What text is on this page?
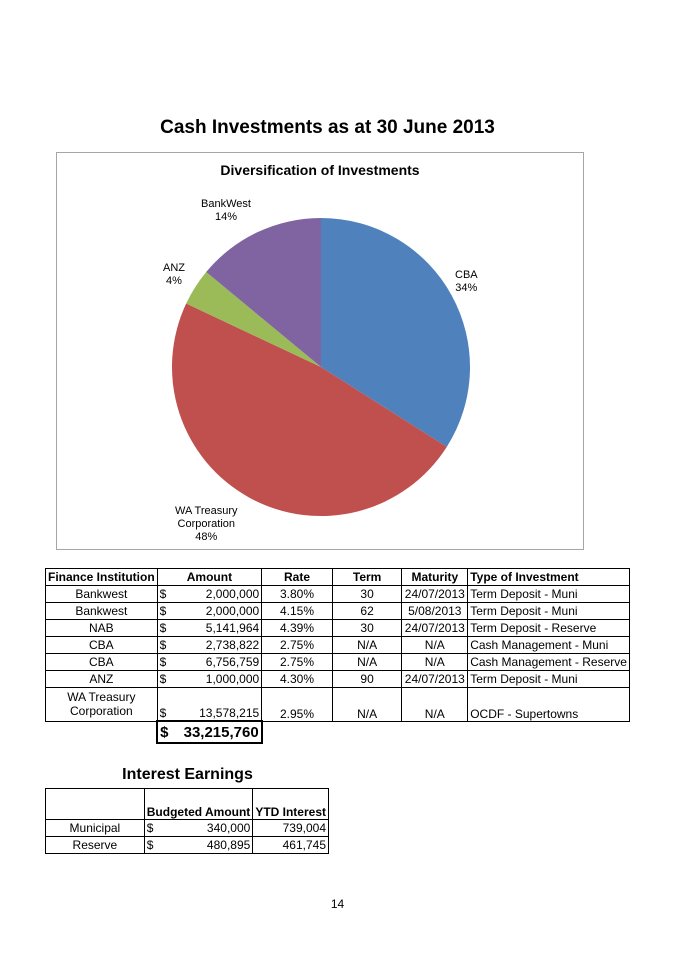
Cash Investments as at 30 June 2013
Diversification of Investments
CBA
34%
WA Treasury
Corporation
48%
ANZ
4%
BankWest
14%
Finance Institution	Amount		Rate	Term	Maturity	Type of Investment
Bankwest	$	2,000,000	3.80%	30	24/07/2013	Term Deposit - Muni
Bankwest	$	2,000,000	4.15%	62	5/08/2013	Term Deposit - Muni
NAB	$	5,141,964	4.39%	30	24/07/2013	Term Deposit - Reserve
CBA	$	2,738,822	2.75%	N/A	N/A	Cash Management - Muni
CBA	$	6,756,759	2.75%	N/A	N/A	Cash Management - Reserve
ANZ	$	1,000,000	4.30%	90	24/07/2013	Term Deposit - Muni

WA Treasury
Corporation	$	13,578,215	2.95%	N/A	N/A	OCDF - Supertowns

	$ 33,215,760					

Interest Earnings
	Budgeted Amount		YTD Interest
Municipal	$	340,000	739,004
Reserve	$	480,895	461,745
14
